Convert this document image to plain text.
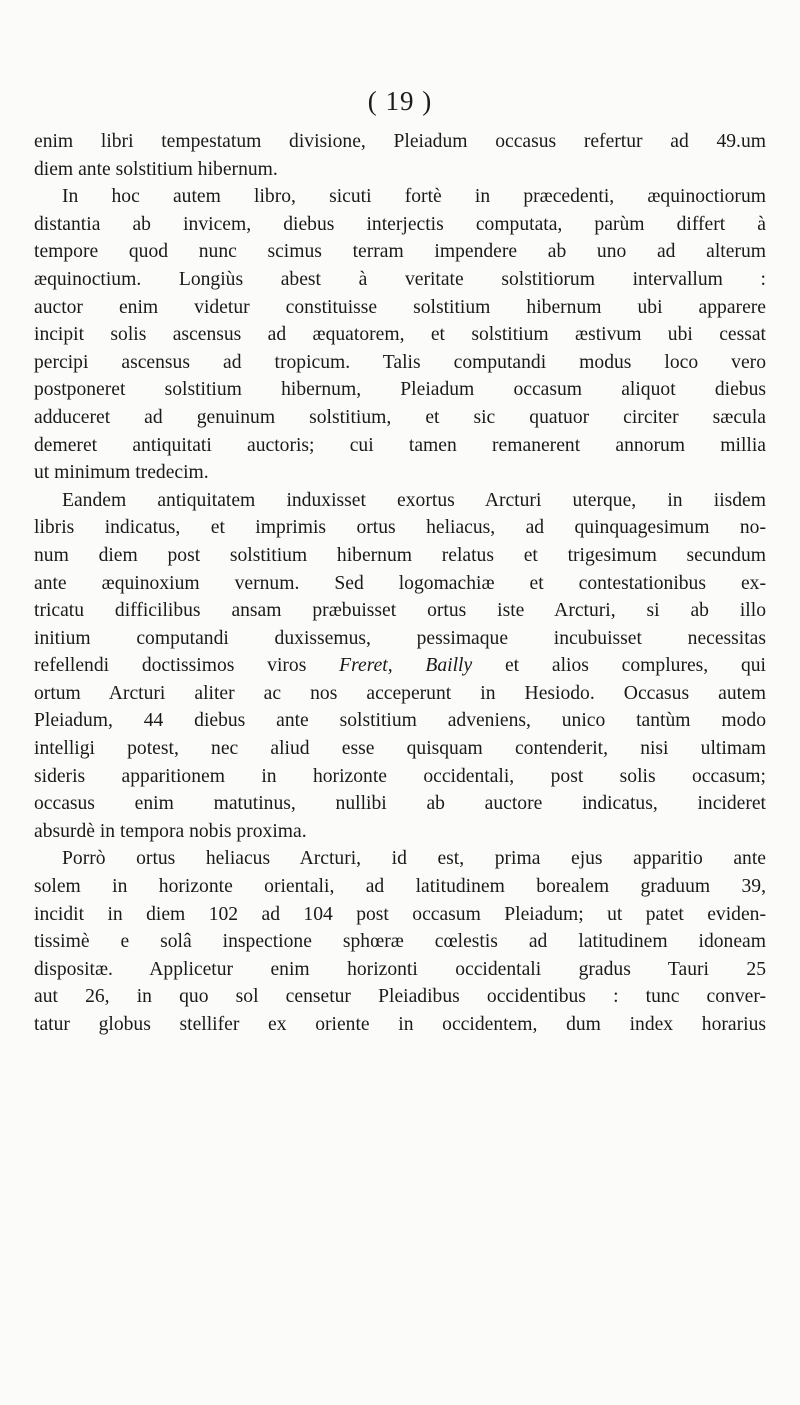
( 19 )
enim libri tempestatum divisione, Pleiadum occasus refertur ad 49.um
diem ante solstitium hibernum.
In hoc autem libro, sicuti fortè in præcedenti, æquinoctiorum
distantia ab invicem, diebus interjectis computata, parùm differt à
tempore quod nunc scimus terram impendere ab uno ad alterum
æquinoctium. Longiùs abest à veritate solstitiorum intervallum :
auctor enim videtur constituisse solstitium hibernum ubi apparere
incipit solis ascensus ad æquatorem, et solstitium æstivum ubi cessat
percipi ascensus ad tropicum. Talis computandi modus loco vero
postponeret solstitium hibernum, Pleiadum occasum aliquot diebus
adduceret ad genuinum solstitium, et sic quatuor circiter sæcula
demeret antiquitati auctoris; cui tamen remanerent annorum millia
ut minimum tredecim.
Eandem antiquitatem induxisset exortus Arcturi uterque, in iisdem
libris indicatus, et imprimis ortus heliacus, ad quinquagesimum no-
num diem post solstitium hibernum relatus et trigesimum secundum
ante æquinoxium vernum. Sed logomachiæ et contestationibus ex-
tricatu difficilibus ansam præbuisset ortus iste Arcturi, si ab illo
initium computandi duxissemus, pessimaque incubuisset necessitas
refellendi doctissimos viros Freret, Bailly et alios complures, qui
ortum Arcturi aliter ac nos acceperunt in Hesiodo. Occasus autem
Pleiadum, 44 diebus ante solstitium adveniens, unico tantùm modo
intelligi potest, nec aliud esse quisquam contenderit, nisi ultimam
sideris apparitionem in horizonte occidentali, post solis occasum;
occasus enim matutinus, nullibi ab auctore indicatus, incideret
absurdè in tempora nobis proxima.
Porrò ortus heliacus Arcturi, id est, prima ejus apparitio ante
solem in horizonte orientali, ad latitudinem borealem graduum 39,
incidit in diem 102 ad 104 post occasum Pleiadum; ut patet eviden-
tissimè e solâ inspectione sphœræ cœlestis ad latitudinem idoneam
dispositæ. Applicetur enim horizonti occidentali gradus Tauri 25
aut 26, in quo sol censetur Pleiadibus occidentibus : tunc conver-
tatur globus stellifer ex oriente in occidentem, dum index horarius
